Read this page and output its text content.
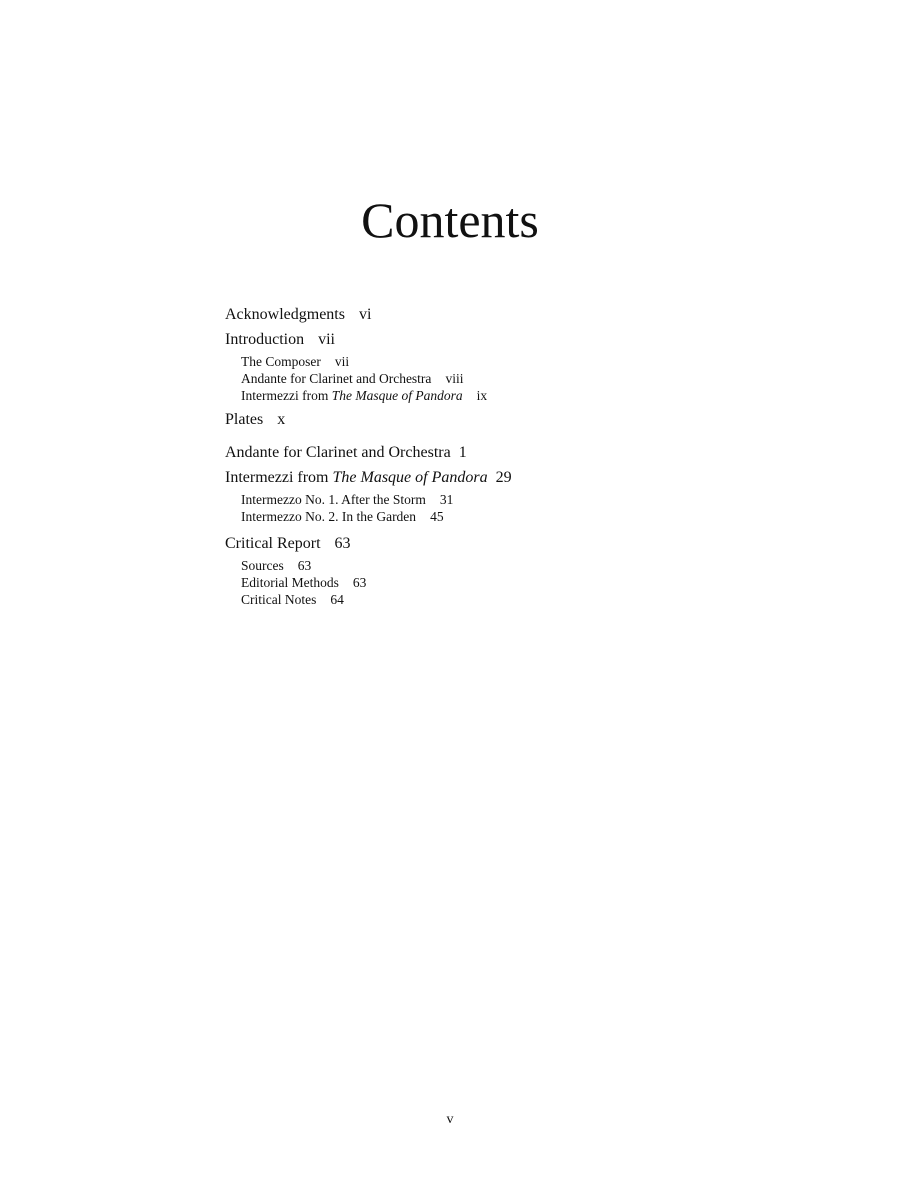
Contents
Acknowledgments vi
Introduction vii
The Composer vii
Andante for Clarinet and Orchestra viii
Intermezzi from The Masque of Pandora ix
Plates x
Andante for Clarinet and Orchestra 1
Intermezzi from The Masque of Pandora 29
Intermezzo No. 1. After the Storm 31
Intermezzo No. 2. In the Garden 45
Critical Report 63
Sources 63
Editorial Methods 63
Critical Notes 64
v
